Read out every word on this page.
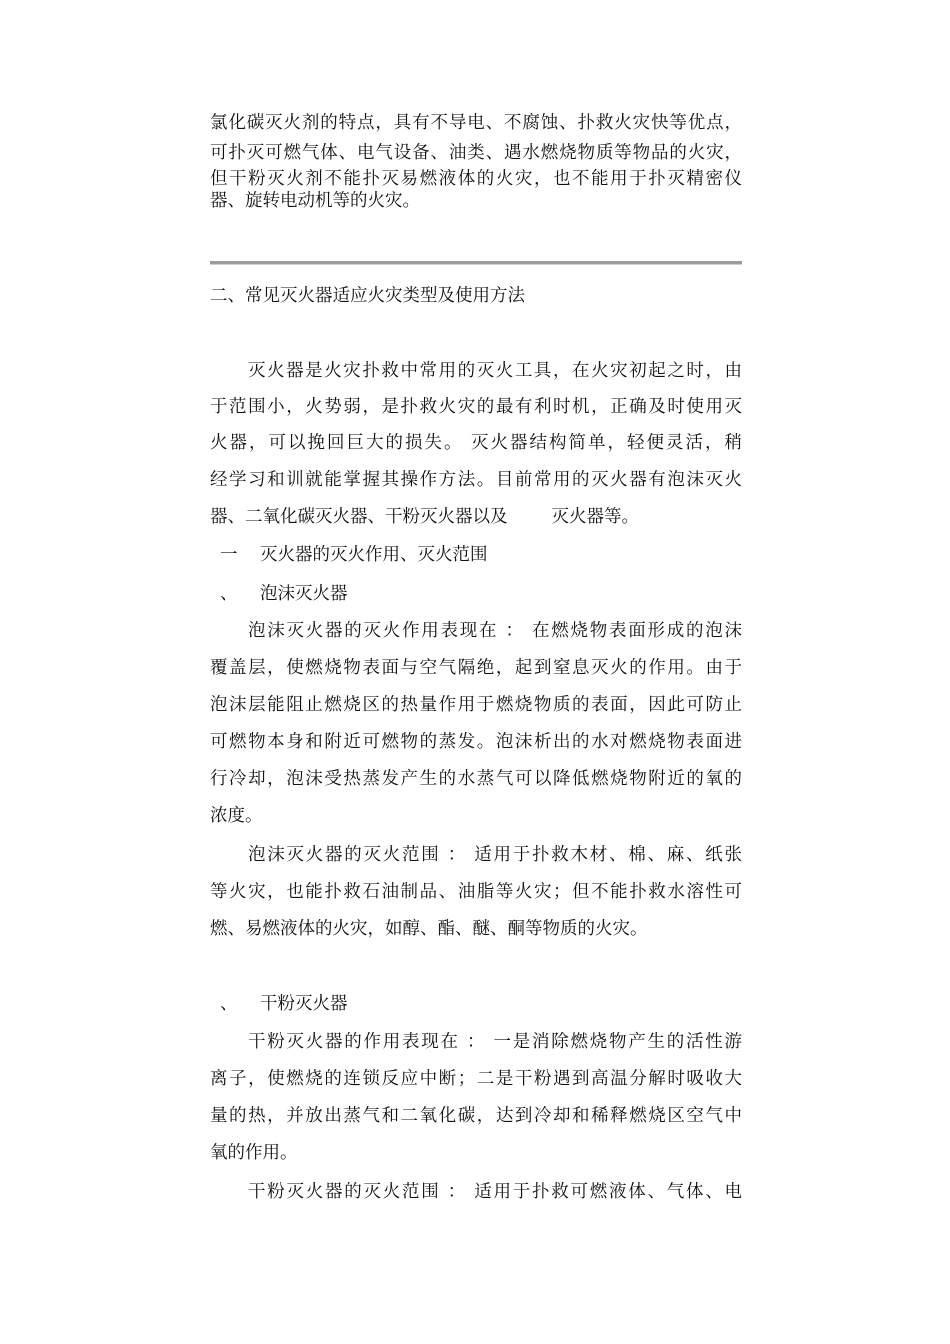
氯化碳灭火剂的特点，具有不导电、不腐蚀、扑救火灾快等优点，
可扑灭可燃气体、电气设备、油类、遇水燃烧物质等物品的火灾，
但干粉灭火剂不能扑灭易燃液体的火灾，也不能用于扑灭精密仪
器、旋转电动机等的火灾。
二、常见灭火器适应火灾类型及使用方法
灭火器是火灾扑救中常用的灭火工具，在火灾初起之时，由
于范围小，火势弱，是扑救火灾的最有利时机，正确及时使用灭
火器，可以挽回巨大的损失。 灭火器结构简单，轻便灵活，稍
经学习和训就能掌握其操作方法。目前常用的灭火器有泡沫灭火
器、二氧化碳灭火器、干粉灭火器以及	灭火器等。
一 灭火器的灭火作用、灭火范围
、 泡沫灭火器
泡沫灭火器的灭火作用表现在 ： 在燃烧物表面形成的泡沫
覆盖层，使燃烧物表面与空气隔绝，起到窒息灭火的作用。由于
泡沫层能阻止燃烧区的热量作用于燃烧物质的表面，因此可防止
可燃物本身和附近可燃物的蒸发。泡沫析出的水对燃烧物表面进
行冷却，泡沫受热蒸发产生的水蒸气可以降低燃烧物附近的氧的
浓度。
泡沫灭火器的灭火范围 ： 适用于扑救木材、棉、麻、纸张
等火灾，也能扑救石油制品、油脂等火灾；但不能扑救水溶性可
燃、易燃液体的火灾，如醇、酯、醚、酮等物质的火灾。
、 干粉灭火器
干粉灭火器的作用表现在 ： 一是消除燃烧物产生的活性游
离子，使燃烧的连锁反应中断；二是干粉遇到高温分解时吸收大
量的热，并放出蒸气和二氧化碳，达到冷却和稀释燃烧区空气中
氧的作用。
干粉灭火器的灭火范围 ： 适用于扑救可燃液体、气体、电
